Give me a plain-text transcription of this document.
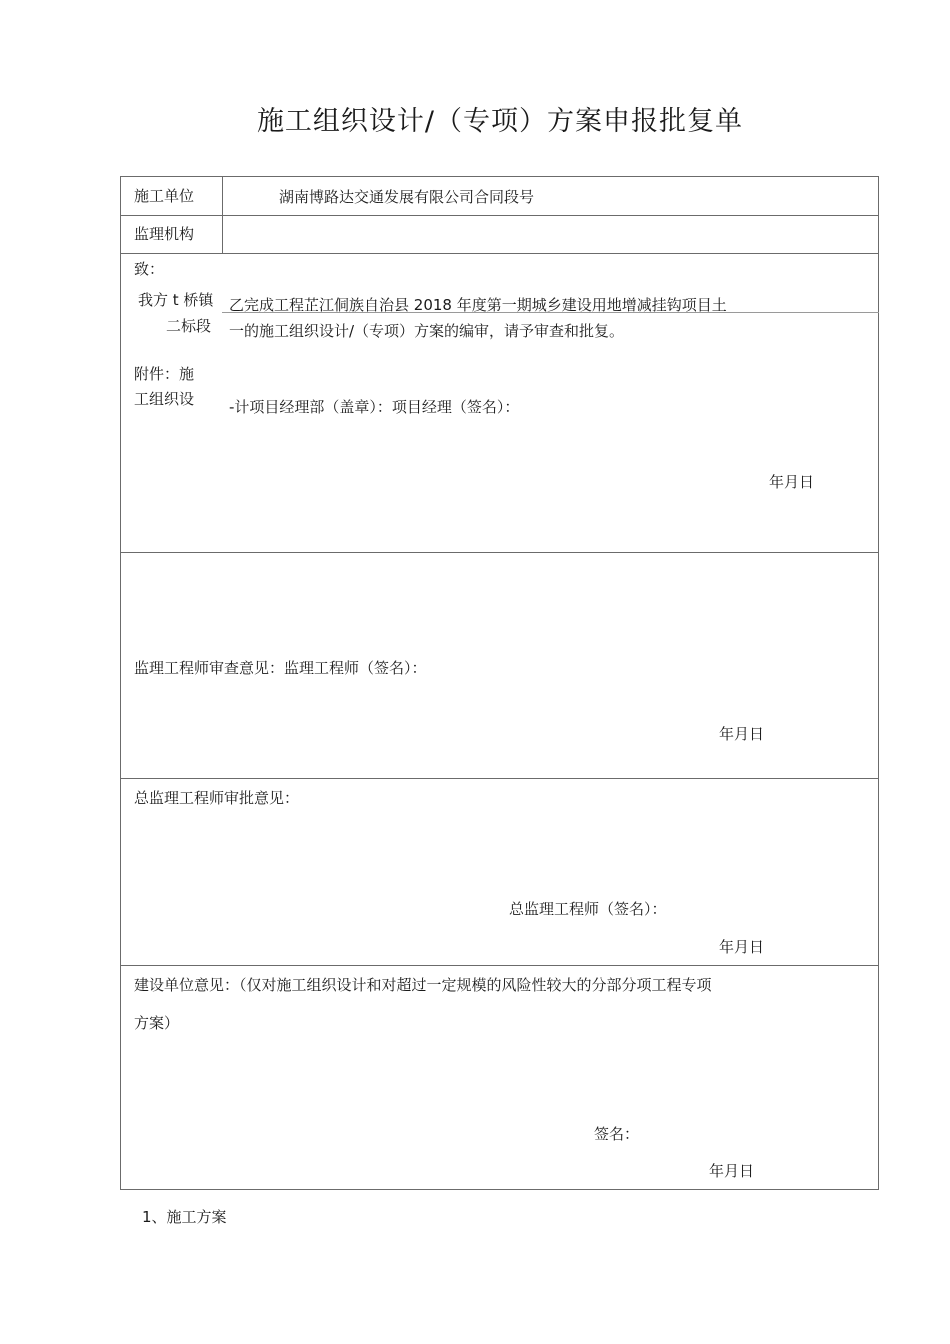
施工组织设计/（专项）方案申报批复单
施工单位	湖南博路达交通发展有限公司合同段号
监理机构
致：
我方 t 桥镇
二标段
乙完成工程芷江侗族自治县 2018 年度第一期城乡建设用地增减挂钩项目土
一的施工组织设计/（专项）方案的编审，请予审查和批复。
附件：施
工组织设 -计项目经理部（盖章）：项目经理（签名）：
年月日
监理工程师审查意见：监理工程师（签名）：
年月日
总监理工程师审批意见：
总监理工程师（签名）：
年月日
建设单位意见：（仅对施工组织设计和对超过一定规模的风险性较大的分部分项工程专项
方案）
签名：
年月日
1、施工方案
